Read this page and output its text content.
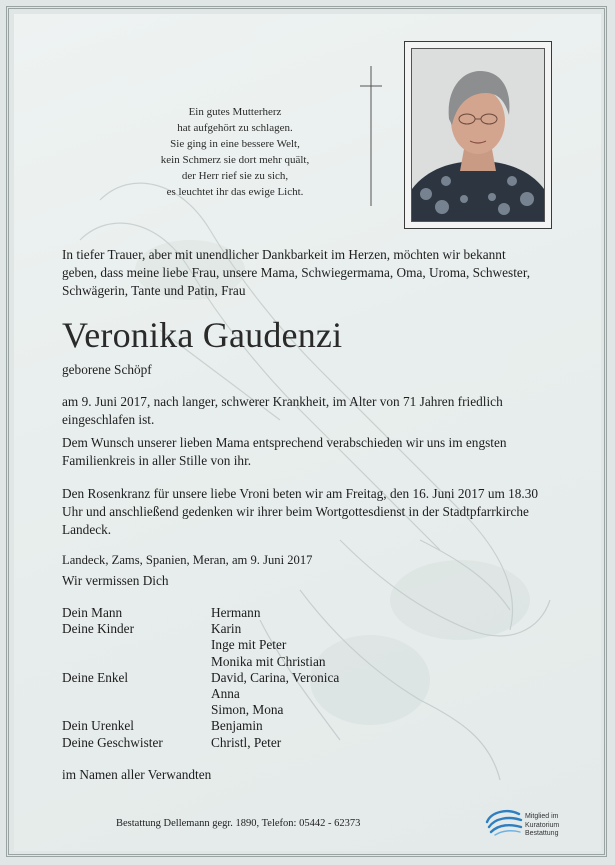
Ein gutes Mutterherz
hat aufgehört zu schlagen.
Sie ging in eine bessere Welt,
kein Schmerz sie dort mehr quält,
der Herr rief sie zu sich,
es leuchtet ihr das ewige Licht.
In tiefer Trauer, aber mit unendlicher Dankbarkeit im Herzen, möchten wir bekannt geben, dass meine liebe Frau, unsere Mama, Schwiegermama, Oma, Uroma, Schwester, Schwägerin, Tante und Patin, Frau
Veronika Gaudenzi
geborene Schöpf
am 9. Juni 2017, nach langer, schwerer Krankheit, im Alter von 71 Jahren friedlich eingeschlafen ist.
Dem Wunsch unserer lieben Mama entsprechend verabschieden wir uns im engsten Familienkreis in aller Stille von ihr.
Den Rosenkranz für unsere liebe Vroni beten wir am Freitag, den 16. Juni 2017 um 18.30 Uhr und anschließend gedenken wir ihrer beim Wortgottesdienst in der Stadtpfarrkirche Landeck.
Landeck, Zams, Spanien, Meran, am 9. Juni 2017
Wir vermissen Dich
Dein Mann	Hermann
Deine Kinder	Karin
Inge mit Peter
Monika mit Christian
Deine Enkel	David, Carina, Veronica
Anna
Simon, Mona
Dein Urenkel	Benjamin
Deine Geschwister	Christl, Peter
im Namen aller Verwandten
Bestattung Dellemann gegr. 1890, Telefon: 05442 - 62373
Mitglied im
Kuratorium Bestattung
